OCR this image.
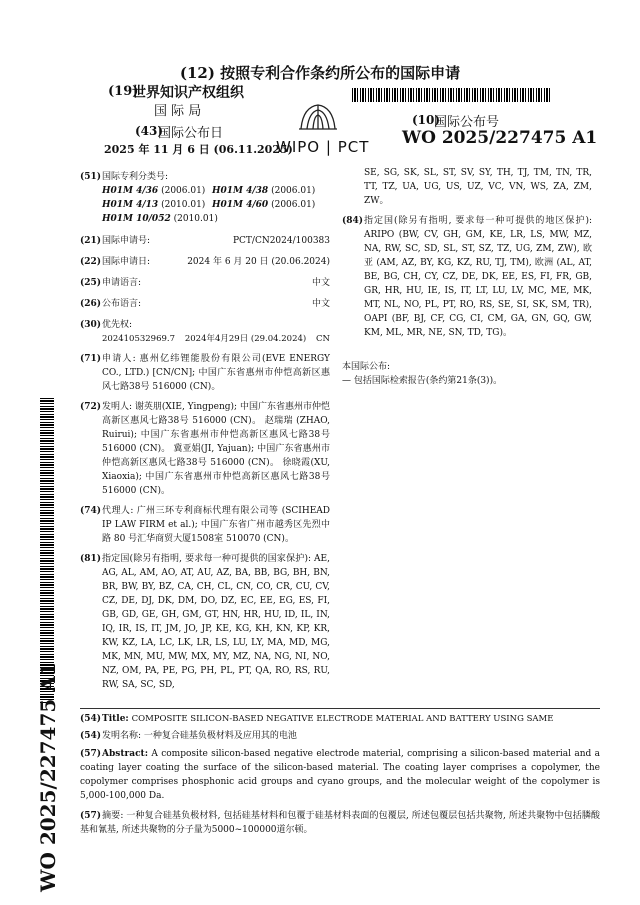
(12) 按照专利合作条约所公布的国际申请
(19)
世界知识产权组织
国 际 局
(43)
国际公布日
2025 年 11 月 6 日 (06.11.2025)
WIPO | PCT
(10)
国际公布号
WO 2025/227475 A1
(51)国际专利分类号:
H01M 4/36 (2006.01) H01M 4/38 (2006.01)
H01M 4/13 (2010.01) H01M 4/60 (2006.01)
H01M 10/052 (2010.01)
(21)国际申请号:	PCT/CN2024/100383
(22)国际申请日:	2024 年 6 月 20 日 (20.06.2024)
(25)申请语言:	中文
(26)公布语言:	中文
(30)优先权:
202410532969.7 2024年4月29日 (29.04.2024) CN
(71) 申请人: 惠州亿纬锂能股份有限公司(EVE ENERGY CO., LTD.) [CN/CN]; 中国广东省惠州市仲恺高新区惠风七路38号 516000 (CN)。
(72) 发明人: 谢英朋(XIE, Yingpeng); 中国广东省惠州市仲恺高新区惠风七路38号 516000 (CN)。 赵瑞瑞 (ZHAO, Ruirui); 中国广东省惠州市仲恺高新区惠风七路38号 516000 (CN)。 冀亚娟(JI, Yajuan); 中国广东省惠州市仲恺高新区惠风七路38号 516000 (CN)。 徐晓霞(XU, Xiaoxia); 中国广东省惠州市仲恺高新区惠风七路38号 516000 (CN)。
(74) 代理人: 广州三环专利商标代理有限公司等 (SCIHEAD IP LAW FIRM et al.); 中国广东省广州市越秀区先烈中路 80 号汇华商贸大厦1508室 510070 (CN)。
(81) 指定国(除另有指明, 要求每一种可提供的国家保护): AE, AG, AL, AM, AO, AT, AU, AZ, BA, BB, BG, BH, BN, BR, BW, BY, BZ, CA, CH, CL, CN, CO, CR, CU, CV, CZ, DE, DJ, DK, DM, DO, DZ, EC, EE, EG, ES, FI, GB, GD, GE, GH, GM, GT, HN, HR, HU, ID, IL, IN, IQ, IR, IS, IT, JM, JO, JP, KE, KG, KH, KN, KP, KR, KW, KZ, LA, LC, LK, LR, LS, LU, LY, MA, MD, MG, MK, MN, MU, MW, MX, MY, MZ, NA, NG, NI, NO, NZ, OM, PA, PE, PG, PH, PL, PT, QA, RO, RS, RU, RW, SA, SC, SD,
SE, SG, SK, SL, ST, SV, SY, TH, TJ, TM, TN, TR, TT, TZ, UA, UG, US, UZ, VC, VN, WS, ZA, ZM, ZW。
(84) 指定国(除另有指明, 要求每一种可提供的地区保护): ARIPO (BW, CV, GH, GM, KE, LR, LS, MW, MZ, NA, RW, SC, SD, SL, ST, SZ, TZ, UG, ZM, ZW), 欧亚 (AM, AZ, BY, KG, KZ, RU, TJ, TM), 欧洲 (AL, AT, BE, BG, CH, CY, CZ, DE, DK, EE, ES, FI, FR, GB, GR, HR, HU, IE, IS, IT, LT, LU, LV, MC, ME, MK, MT, NL, NO, PL, PT, RO, RS, SE, SI, SK, SM, TR), OAPI (BF, BJ, CF, CG, CI, CM, GA, GN, GQ, GW, KM, ML, MR, NE, SN, TD, TG)。
本国际公布:
— 包括国际检索报告(条约第21条(3))。
WO 2025/227475 A1 (54)Title: COMPOSITE SILICON-BASED NEGATIVE ELECTRODE MATERIAL AND BATTERY USING SAME
(54)发明名称: 一种复合硅基负极材料及应用其的电池
(57)Abstract: A composite silicon-based negative electrode material, comprising a silicon-based material and a coating layer coating the surface of the silicon-based material. The coating layer comprises a copolymer, the copolymer comprises phosphonic acid groups and cyano groups, and the molecular weight of the copolymer is 5,000-100,000 Da.
(57)摘要: 一种复合硅基负极材料, 包括硅基材料和包覆于硅基材料表面的包覆层, 所述包覆层包括共聚物, 所述共聚物中包括膦酸基和氰基, 所述共聚物的分子量为5000~100000道尔顿。
